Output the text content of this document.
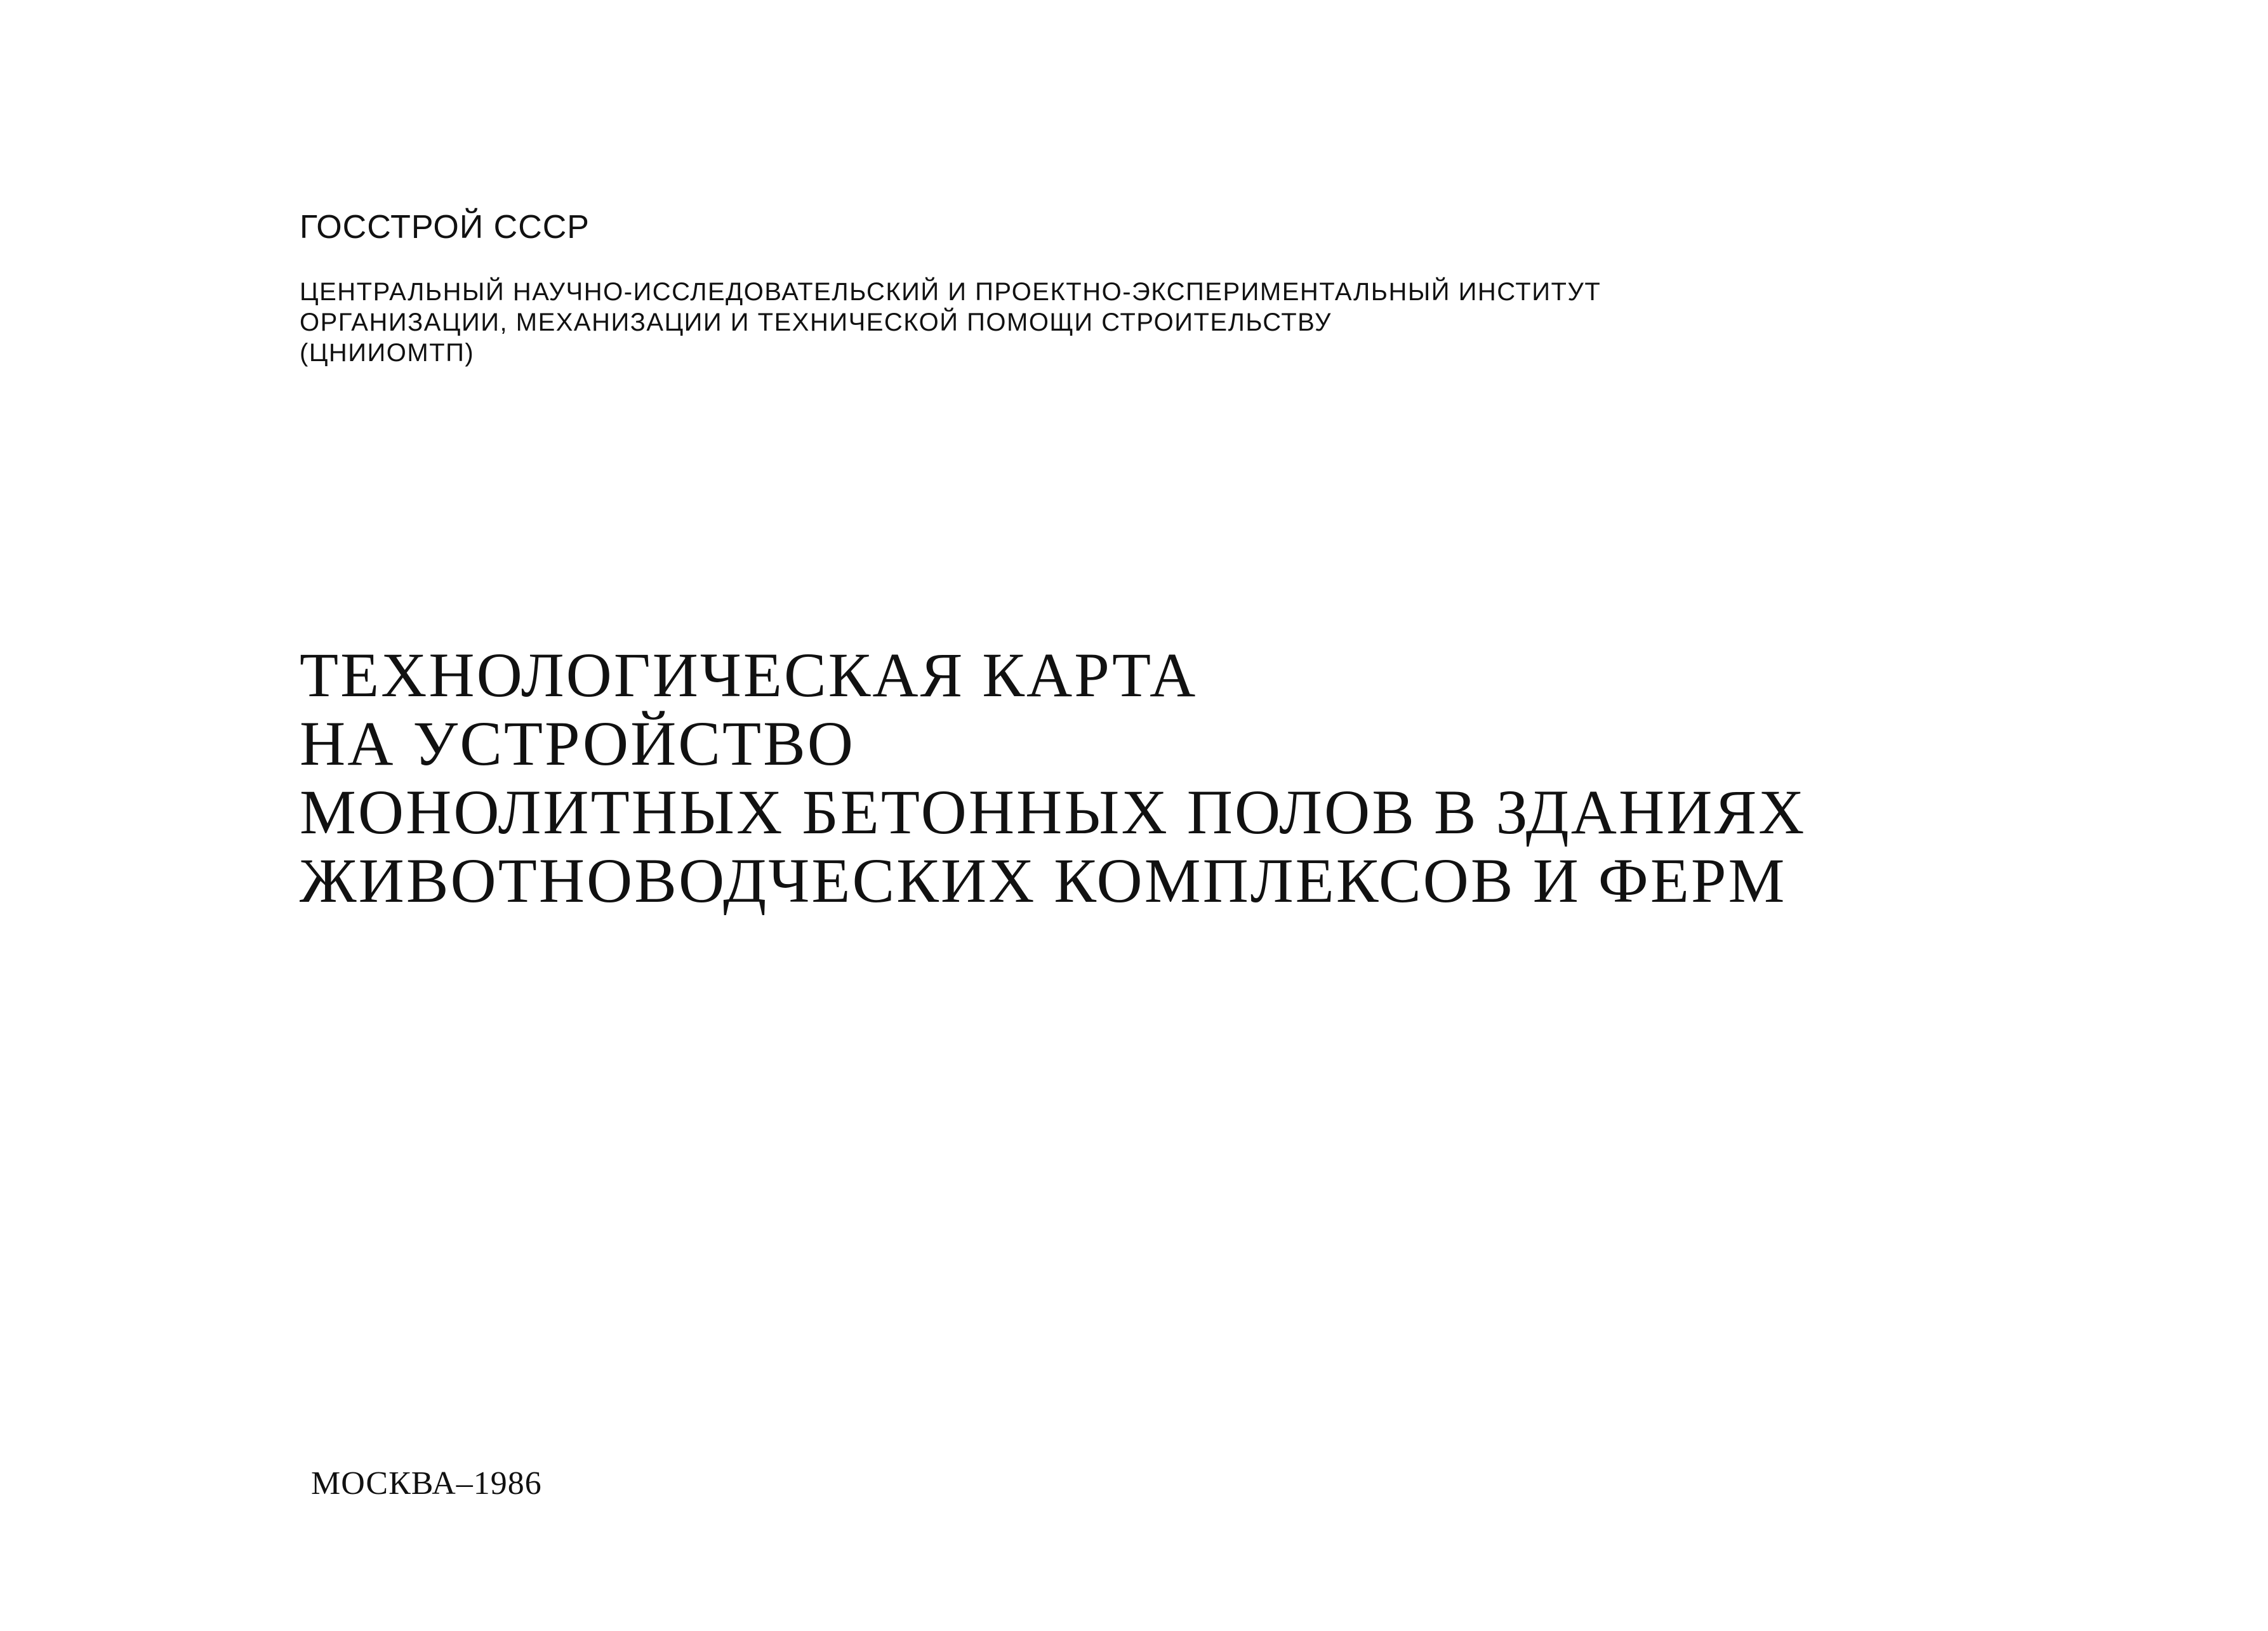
ГОССТРОЙ СССР
ЦЕНТРАЛЬНЫЙ НАУЧНО-ИССЛЕДОВАТЕЛЬСКИЙ И ПРОЕКТНО-ЭКСПЕРИМЕНТАЛЬНЫЙ ИНСТИТУТ
ОРГАНИЗАЦИИ, МЕХАНИЗАЦИИ И ТЕХНИЧЕСКОЙ ПОМОЩИ СТРОИТЕЛЬСТВУ
(ЦНИИОМТП)
ТЕХНОЛОГИЧЕСКАЯ КАРТА
НА УСТРОЙСТВО
МОНОЛИТНЫХ БЕТОННЫХ ПОЛОВ В ЗДАНИЯХ
ЖИВОТНОВОДЧЕСКИХ КОМПЛЕКСОВ И ФЕРМ
МОСКВА–1986
